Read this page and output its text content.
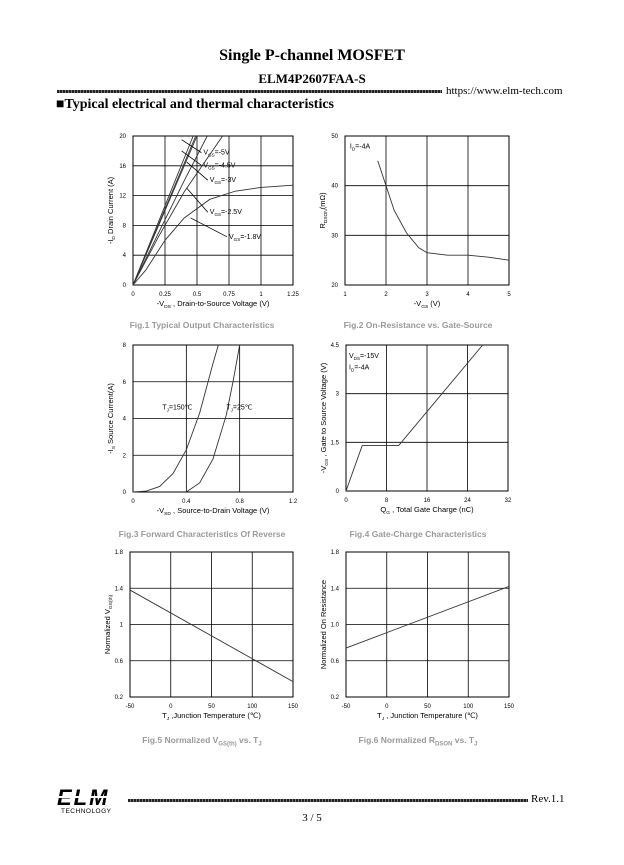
Single P-channel MOSFET
ELM4P2607FAA-S
https://www.elm-tech.com
■Typical electrical and thermal characteristics
0	0.25	0.5	0.75	1	1.25
0
4
8
12
16
20
$V_{GS}=-5V$
$V_{GS}=-4.5V$
$V_{GS}=-3V$
$V_{GS}=-2.5V$
$V_{GS}=-1.8V$
$-V_{DS}$ , Drain-to-Source Voltage (V)
$-I_D$ Drain Current (A)
1	2	3	4	5
20
30
40
50
$I_D=-4A$
$-V_{GS}$ (V)
$R_{DSON}(m\Omega)$
0	0.4	0.8	1.2
0
2
4
6
8
$T_J=150℃$	$T_J=25℃$
$-V_{SD}$ , Source-to-Drain Voltage (V)
$-I_S$ Source Current(A)
0	8	16	24	32
0
1.5
3
4.5
$V_{DS}=-15V$
$I_D=-4A$
$Q_G$ , Total Gate Charge (nC)
$-V_{GS}$ , Gate to Source Voltage (V)
-50	0	50	100	150
0.2
0.6
1
1.4
1.8
$T_J$ ,Junction Temperature (℃)
Normalized $V_{GS(th)}$
-50	0	50	100	150
0.2
0.6
1.0
1.4
1.8
$T_J$ , Junction Temperature (℃)
Normalized On Resistance
Fig.1 Typical Output Characteristics	Fig.2 On-Resistance vs. Gate-Source
Fig.3 Forward Characteristics Of Reverse	Fig.4 Gate-Charge Characteristics
Fig.5 Normalized $V_{GS(th)}$ vs. $T_J$	Fig.6 Normalized $R_{DSON}$ vs. $T_J$
ELM
TECHNOLOGY
Rev.1.1
3 / 5
